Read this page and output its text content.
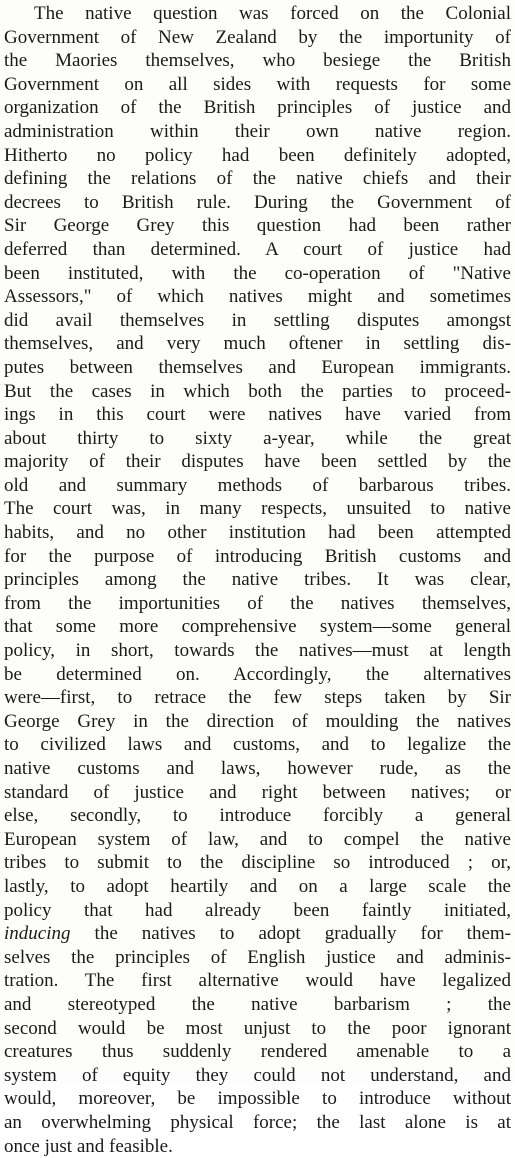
The native question was forced on the Colonial
Government of New Zealand by the importunity of
the Maories themselves, who besiege the British
Government on all sides with requests for some
organization of the British principles of justice and
administration within their own native region.
Hitherto no policy had been definitely adopted,
defining the relations of the native chiefs and their
decrees to British rule. During the Government of
Sir George Grey this question had been rather
deferred than determined. A court of justice had
been instituted, with the co-operation of "Native
Assessors," of which natives might and sometimes
did avail themselves in settling disputes amongst
themselves, and very much oftener in settling dis-
putes between themselves and European immigrants.
But the cases in which both the parties to proceed-
ings in this court were natives have varied from
about thirty to sixty a-year, while the great
majority of their disputes have been settled by the
old and summary methods of barbarous tribes.
The court was, in many respects, unsuited to native
habits, and no other institution had been attempted
for the purpose of introducing British customs and
principles among the native tribes. It was clear,
from the importunities of the natives themselves,
that some more comprehensive system—some general
policy, in short, towards the natives—must at length
be determined on. Accordingly, the alternatives
were—first, to retrace the few steps taken by Sir
George Grey in the direction of moulding the natives
to civilized laws and customs, and to legalize the
native customs and laws, however rude, as the
standard of justice and right between natives; or
else, secondly, to introduce forcibly a general
European system of law, and to compel the native
tribes to submit to the discipline so introduced ; or,
lastly, to adopt heartily and on a large scale the
policy that had already been faintly initiated,
inducing the natives to adopt gradually for them-
selves the principles of English justice and adminis-
tration. The first alternative would have legalized
and stereotyped the native barbarism ; the
second would be most unjust to the poor ignorant
creatures thus suddenly rendered amenable to a
system of equity they could not understand, and
would, moreover, be impossible to introduce without
an overwhelming physical force; the last alone is at
once just and feasible.
